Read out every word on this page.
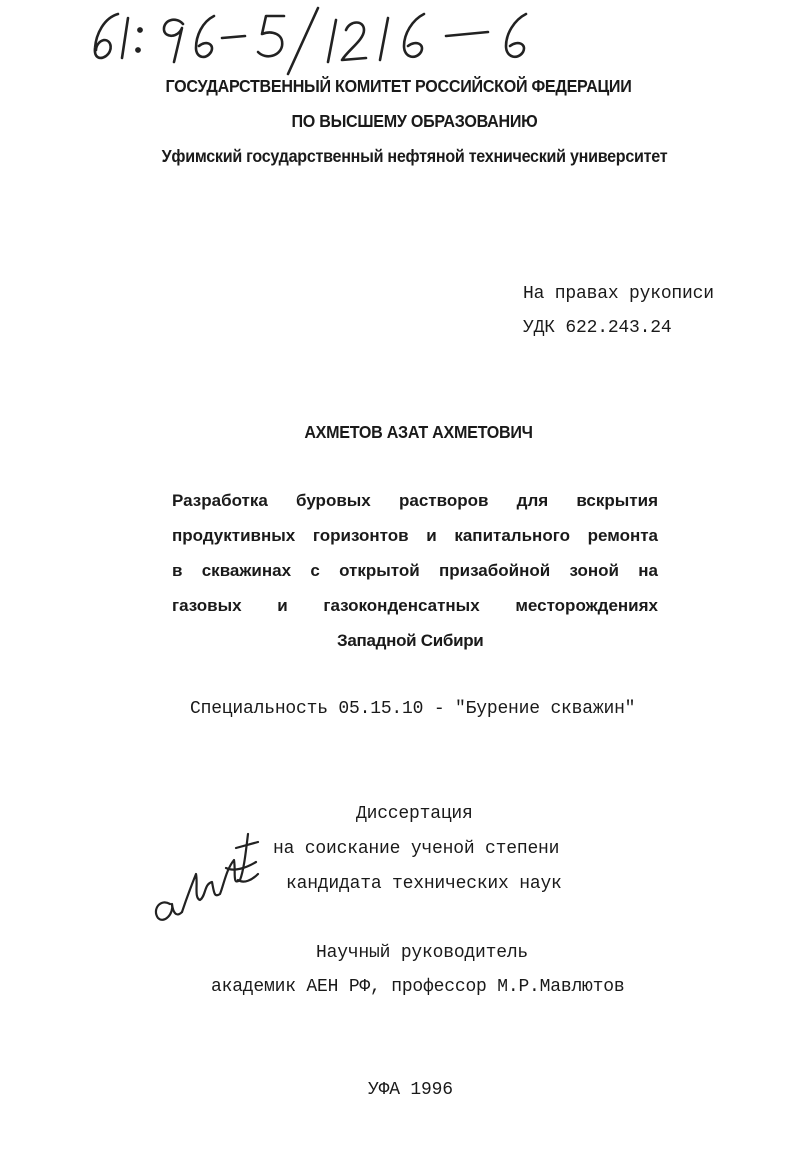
ГОСУДАРСТВЕННЫЙ КОМИТЕТ РОССИЙСКОЙ ФЕДЕРАЦИИ
ПО ВЫСШЕМУ ОБРАЗОВАНИЮ
Уфимский государственный нефтяной технический университет
На правах рукописи
УДК 622.243.24
АХМЕТОВ АЗАТ АХМЕТОВИЧ
Разработка буровых растворов для вскрытия
продуктивных горизонтов и капитального ремонта
в скважинах с открытой призабойной зоной на
газовых и газоконденсатных месторождениях
Западной Сибири
Специальность 05.15.10 - "Бурение скважин"
Диссертация
на соискание ученой степени
кандидата технических наук
Научный руководитель
академик АЕН РФ, профессор М.Р.Мавлютов
УФА 1996
